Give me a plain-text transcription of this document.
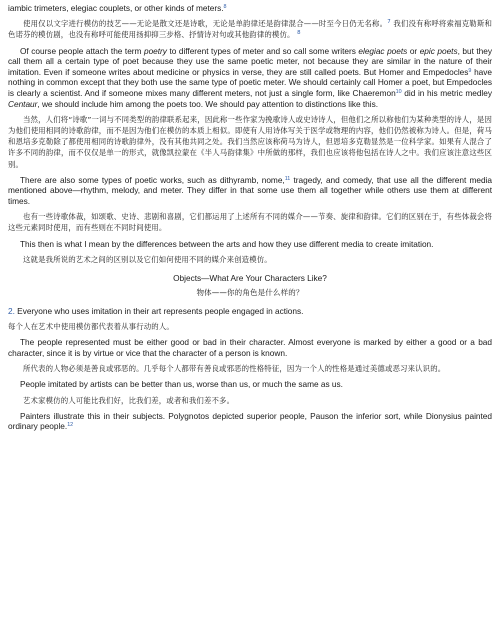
iambic trimeters, elegiac couplets, or other kinds of meters.$^8$

使用仅以文字进行模仿的技艺——无论是散文还是诗歌，无论是单韵律还是韵律混合——时至今日仍无名称。$^7$ 我们没有称呼将索福克勒斯和色诺芬的模仿剧，也没有称呼可能使用扬抑抑三步格、抒情诗对句或其他韵律的模仿。 $^8$

Of course people attach the term poetry to different types of meter and so call some writers elegiac poets or epic poets, but they call them all a certain type of poet because they use the same poetic meter, not because they are similar in the nature of their imitation. Even if someone writes about medicine or physics in verse, they are still called poets. But Homer and Empedocles$^9$ have nothing in common except that they both use the same type of poetic meter. We should certainly call Homer a poet, but Empedocles is clearly a scientist. And if someone mixes many different meters, not just a single form, like Chaeremon$^{10}$ did in his metric medley Centaur, we should include him among the poets too. We should pay attention to distinctions like this.

当然，人们将“诗歌”一词与不同类型的韵律联系起来，因此称一些作家为挽歌诗人或史诗诗人，但他们之所以称他们为某种类型的诗人，是因为他们使用相同的诗歌韵律，而不是因为他们在模仿的本质上相似。即使有人用诗体写关于医学或物理的内容，他们仍然被称为诗人。但是，荷马和恩培多克勒除了都使用相同的诗歌韵律外，没有其他共同之处。我们当然应该称荷马为诗人，但恩培多克勒显然是一位科学家。如果有人混合了许多不同的韵律，而不仅仅是单一的形式，就像凯拉蒙在《半人马韵律集》中所做的那样，我们也应该将他包括在诗人之中。我们应该注意这些区别。

There are also some types of poetic works, such as dithyramb, nome,$^{11}$ tragedy, and comedy, that use all the different media mentioned above—rhythm, melody, and meter. They differ in that some use them all together while others use them at different times.

也有一些诗歌体裁，如颂歌、史诗、悲剧和喜剧，它们都运用了上述所有不同的媒介——节奏、旋律和韵律。它们的区别在于，有些体裁会将这些元素同时使用，而有些则在不同时间使用。

This then is what I mean by the differences between the arts and how they use different media to create imitation.

这就是我所说的艺术之间的区别以及它们如何使用不同的媒介来创造模仿。

Objects—What Are Your Characters Like?

物体——你的角色是什么样的？

2. Everyone who uses imitation in their art represents people engaged in actions.

每个人在艺术中使用模仿都代表着从事行动的人。

The people represented must be either good or bad in their character. Almost everyone is marked by either a good or a bad character, since it is by virtue or vice that the character of a person is known.

所代表的人物必须是善良或邪恶的。几乎每个人都带有善良或邪恶的性格特征，因为一个人的性格是通过美德或恶习来认识的。

People imitated by artists can be better than us, worse than us, or much the same as us.

艺术家模仿的人可能比我们好，比我们差，或者和我们差不多。

Painters illustrate this in their subjects. Polygnotos depicted superior people, Pauson the inferior sort, while Dionysius painted ordinary people.$^{12}$
